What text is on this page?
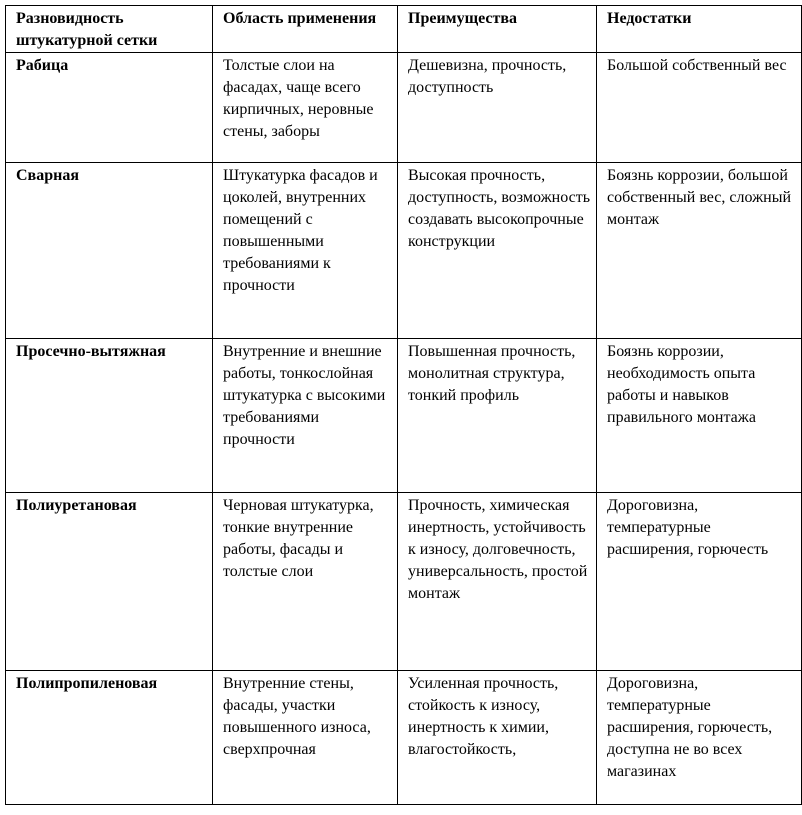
Разновидность штукатурной сетки	Область применения	Преимущества	Недостатки
Рабица	Толстые слои на фасадах, чаще всего кирпичных, неровные стены, заборы	Дешевизна, прочность, доступность	Большой собственный вес
Сварная	Штукатурка фасадов и цоколей, внутренних помещений с повышенными требованиями к прочности	Высокая прочность, доступность, возможность создавать высокопрочные конструкции	Боязнь коррозии, большой собственный вес, сложный монтаж
Просечно-вытяжная	Внутренние и внешние работы, тонкослойная штукатурка с высокими требованиями прочности	Повышенная прочность, монолитная структура, тонкий профиль	Боязнь коррозии, необходимость опыта работы и навыков правильного монтажа
Полиуретановая	Черновая штукатурка, тонкие внутренние работы, фасады и толстые слои	Прочность, химическая инертность, устойчивость к износу, долговечность, универсальность, простой монтаж	Дороговизна, температурные расширения, горючесть
Полипропиленовая	Внутренние стены, фасады, участки повышенного износа, сверхпрочная	Усиленная прочность, стойкость к износу, инертность к химии, влагостойкость,	Дороговизна, температурные расширения, горючесть, доступна не во всех магазинах
